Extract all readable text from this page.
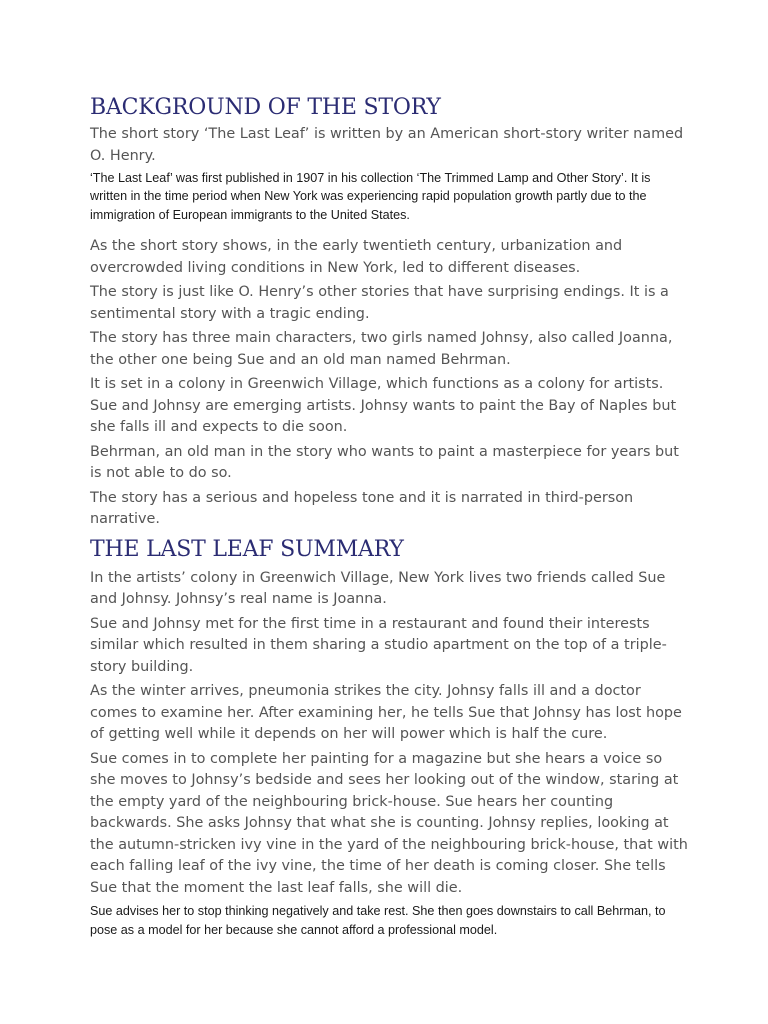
BACKGROUND OF THE STORY

The short story ‘The Last Leaf’ is written by an American short-story writer named O. Henry.

‘The Last Leaf’ was first published in 1907 in his collection ‘The Trimmed Lamp and Other Story’. It is written in the time period when New York was experiencing rapid population growth partly due to the immigration of European immigrants to the United States.

As the short story shows, in the early twentieth century, urbanization and overcrowded living conditions in New York, led to different diseases.

The story is just like O. Henry’s other stories that have surprising endings. It is a sentimental story with a tragic ending.

The story has three main characters, two girls named Johnsy, also called Joanna, the other one being Sue and an old man named Behrman.

It is set in a colony in Greenwich Village, which functions as a colony for artists. Sue and Johnsy are emerging artists. Johnsy wants to paint the Bay of Naples but she falls ill and expects to die soon.

Behrman, an old man in the story who wants to paint a masterpiece for years but is not able to do so.

The story has a serious and hopeless tone and it is narrated in third-person narrative.

THE LAST LEAF SUMMARY

In the artists’ colony in Greenwich Village, New York lives two friends called Sue and Johnsy. Johnsy’s real name is Joanna.

Sue and Johnsy met for the first time in a restaurant and found their interests similar which resulted in them sharing a studio apartment on the top of a triple-story building.

As the winter arrives, pneumonia strikes the city. Johnsy falls ill and a doctor comes to examine her. After examining her, he tells Sue that Johnsy has lost hope of getting well while it depends on her will power which is half the cure.

Sue comes in to complete her painting for a magazine but she hears a voice so she moves to Johnsy’s bedside and sees her looking out of the window, staring at the empty yard of the neighbouring brick-house. Sue hears her counting backwards. She asks Johnsy that what she is counting. Johnsy replies, looking at the autumn-stricken ivy vine in the yard of the neighbouring brick-house, that with each falling leaf of the ivy vine, the time of her death is coming closer. She tells Sue that the moment the last leaf falls, she will die.

Sue advises her to stop thinking negatively and take rest. She then goes downstairs to call Behrman, to pose as a model for her because she cannot afford a professional model.
